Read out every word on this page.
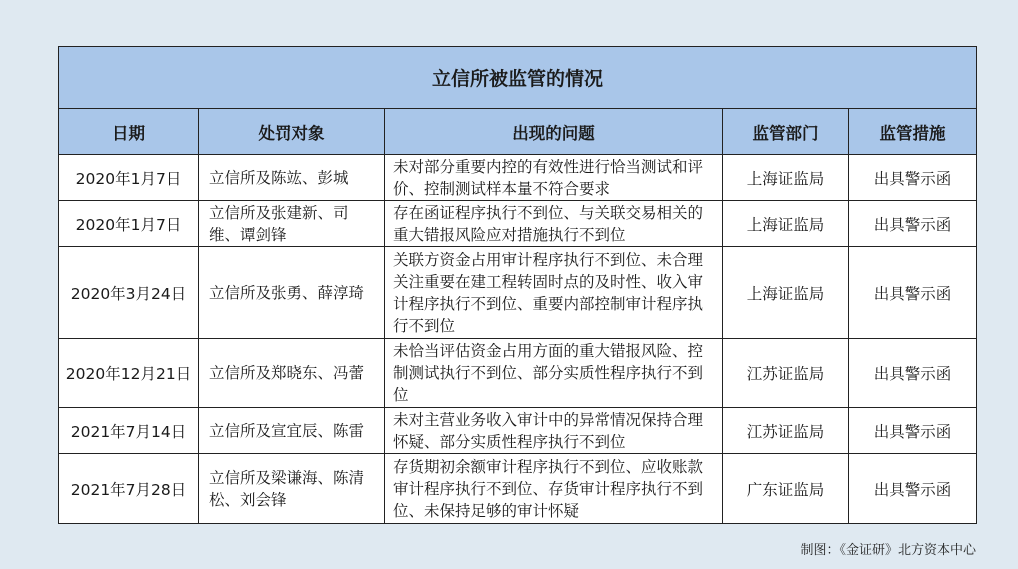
立信所被监管的情况				
日期	处罚对象	出现的问题	监管部门	监管措施
2020年1月7日	立信所及陈竑、彭城	未对部分重要内控的有效性进行恰当测试和评价、控制测试样本量不符合要求	上海证监局	出具警示函
2020年1月7日	立信所及张建新、司维、谭剑锋	存在函证程序执行不到位、与关联交易相关的重大错报风险应对措施执行不到位	上海证监局	出具警示函
2020年3月24日	立信所及张勇、薛淳琦	关联方资金占用审计程序执行不到位、未合理关注重要在建工程转固时点的及时性、收入审计程序执行不到位、重要内部控制审计程序执行不到位	上海证监局	出具警示函
2020年12月21日	立信所及郑晓东、冯蕾	未恰当评估资金占用方面的重大错报风险、控制测试执行不到位、部分实质性程序执行不到位	江苏证监局	出具警示函
2021年7月14日	立信所及宣宜辰、陈雷	未对主营业务收入审计中的异常情况保持合理怀疑、部分实质性程序执行不到位	江苏证监局	出具警示函
2021年7月28日	立信所及梁谦海、陈清松、刘会锋	存货期初余额审计程序执行不到位、应收账款审计程序执行不到位、存货审计程序执行不到位、未保持足够的审计怀疑	广东证监局	出具警示函
制图：《金证研》北方资本中心
